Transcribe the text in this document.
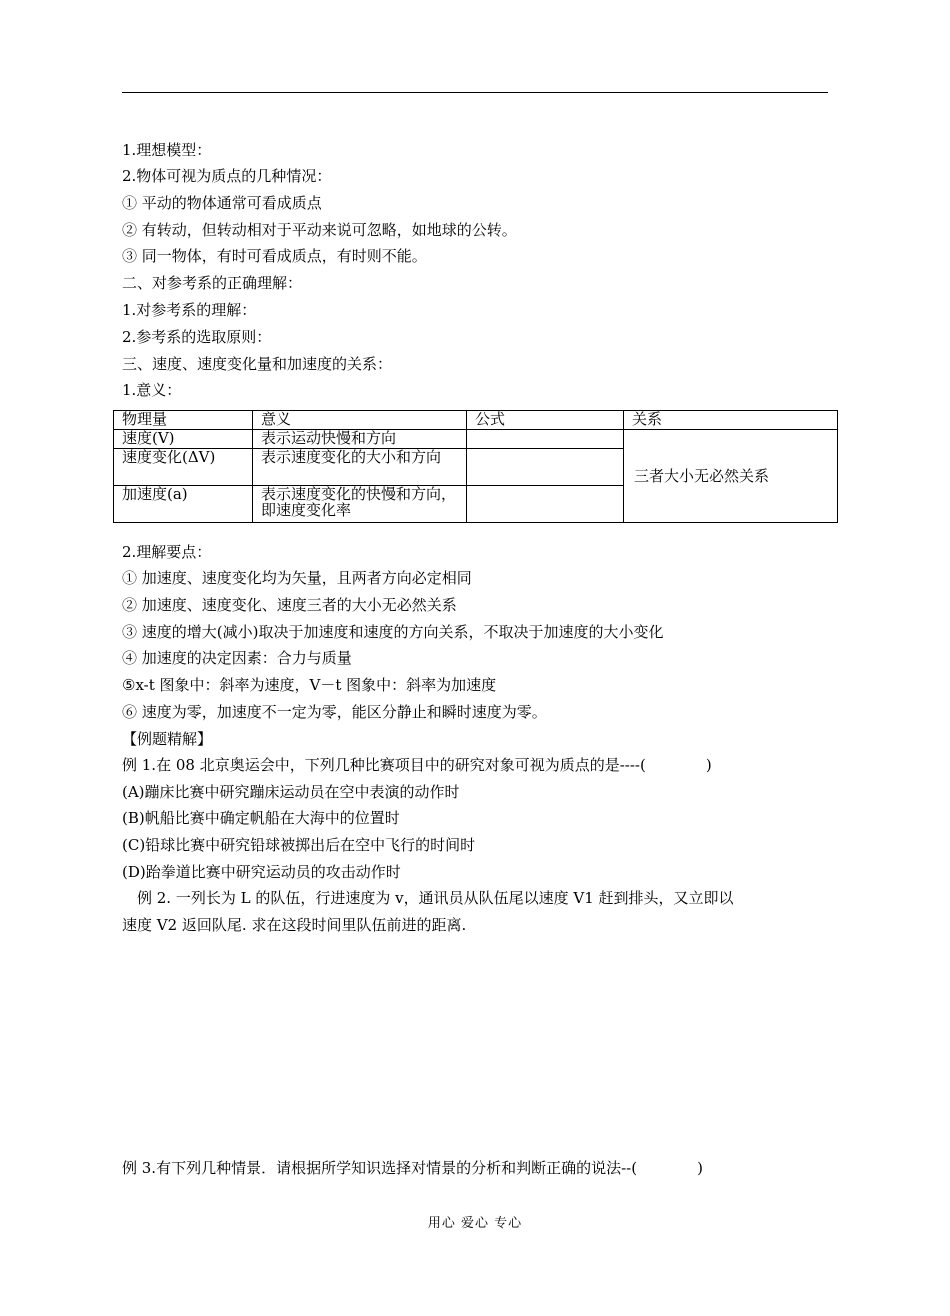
1.理想模型：
2.物体可视为质点的几种情况：
① 平动的物体通常可看成质点
② 有转动，但转动相对于平动来说可忽略，如地球的公转。
③ 同一物体，有时可看成质点，有时则不能。
二、对参考系的正确理解：
1.对参考系的理解：
2.参考系的选取原则：
三、速度、速度变化量和加速度的关系：
1.意义：
物理量	意义	公式	关系
速度(V)	表示运动快慢和方向		三者大小无必然关系
速度变化(ΔV)	表示速度变化的大小和方向		
加速度(a)	表示速度变化的快慢和方向，即速度变化率		
2.理解要点：
① 加速度、速度变化均为矢量，且两者方向必定相同
② 加速度、速度变化、速度三者的大小无必然关系
③ 速度的增大(减小)取决于加速度和速度的方向关系，不取决于加速度的大小变化
④ 加速度的决定因素：合力与质量
⑤x-t 图象中：斜率为速度，V－t 图象中：斜率为加速度
⑥ 速度为零，加速度不一定为零，能区分静止和瞬时速度为零。
【例题精解】
例 1.在 08 北京奥运会中，下列几种比赛项目中的研究对象可视为质点的是----(　　　　)
(A)蹦床比赛中研究蹦床运动员在空中表演的动作时
(B)帆船比赛中确定帆船在大海中的位置时
(C)铅球比赛中研究铅球被掷出后在空中飞行的时间时
(D)跆拳道比赛中研究运动员的攻击动作时
　例 2. 一列长为 L 的队伍，行进速度为 v，通讯员从队伍尾以速度 V1 赶到排头，又立即以
速度 V2 返回队尾. 求在这段时间里队伍前进的距离.
例 3.有下列几种情景．请根据所学知识选择对情景的分析和判断正确的说法--(　　　　)
用心 爱心 专心
